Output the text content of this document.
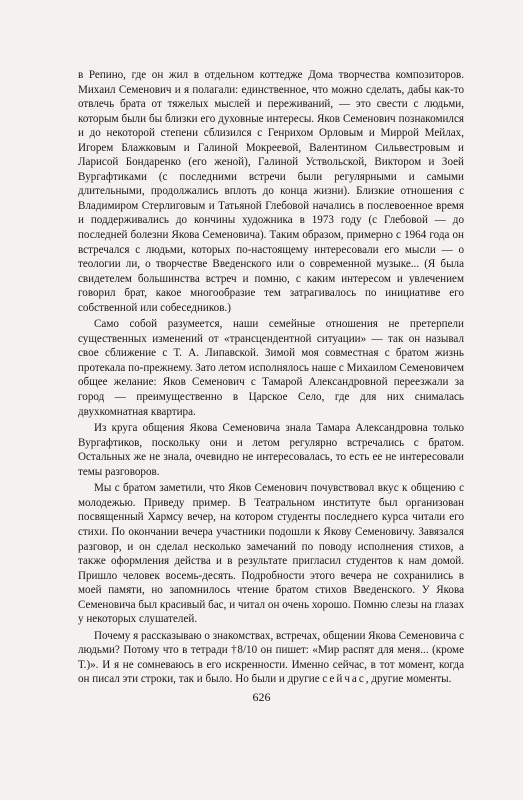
в Репино, где он жил в отдельном коттедже Дома творчества композиторов. Михаил Семенович и я полагали: единственное, что можно сделать, дабы как-то отвлечь брата от тяжелых мыслей и переживаний, — это свести с людьми, которым были бы близки его духовные интересы. Яков Семенович познакомился и до некоторой степени сблизился с Генрихом Орловым и Миррой Мейлах, Игорем Блажковым и Галиной Мокреевой, Валентином Сильвестровым и Ларисой Бондаренко (его женой), Галиной Уствольской, Виктором и Зоей Вургафтиками (с последними встречи были регулярными и самыми длительными, продолжались вплоть до конца жизни). Близкие отношения с Владимиром Стерлиговым и Татьяной Глебовой начались в послевоенное время и поддерживались до кончины художника в 1973 году (с Глебовой — до последней болезни Якова Семеновича). Таким образом, примерно с 1964 года он встречался с людьми, которых по-настоящему интересовали его мысли — о теологии ли, о творчестве Введенского или о современной музыке... (Я была свидетелем большинства встреч и помню, с каким интересом и увлечением говорил брат, какое многообразие тем затрагивалось по инициативе его собственной или собеседников.)

Само собой разумеется, наши семейные отношения не претерпели существенных изменений от «трансцендентной ситуации» — так он называл свое сближение с Т. А. Липавской. Зимой моя совместная с братом жизнь протекала по-прежнему. Зато летом исполнялось наше с Михаилом Семеновичем общее желание: Яков Семенович с Тамарой Александровной переезжали за город — преимущественно в Царское Село, где для них снималась двухкомнатная квартира.

Из круга общения Якова Семеновича знала Тамара Александровна только Вургафтиков, поскольку они и летом регулярно встречались с братом. Остальных же не знала, очевидно не интересовалась, то есть ее не интересовали темы разговоров.

Мы с братом заметили, что Яков Семенович почувствовал вкус к общению с молодежью. Приведу пример. В Театральном институте был организован посвященный Хармсу вечер, на котором студенты последнего курса читали его стихи. По окончании вечера участники подошли к Якову Семеновичу. Завязался разговор, и он сделал несколько замечаний по поводу исполнения стихов, а также оформления действа и в результате пригласил студентов к нам домой. Пришло человек восемь-десять. Подробности этого вечера не сохранились в моей памяти, но запомнилось чтение братом стихов Введенского. У Якова Семеновича был красивый бас, и читал он очень хорошо. Помню слезы на глазах у некоторых слушателей.

Почему я рассказываю о знакомствах, встречах, общении Якова Семеновича с людьми? Потому что в тетради †8/10 он пишет: «Мир распят для меня... (кроме Т.)». И я не сомневаюсь в его искренности. Именно сейчас, в тот момент, когда он писал эти строки, так и было. Но были и другие сейчас, другие моменты.

626
